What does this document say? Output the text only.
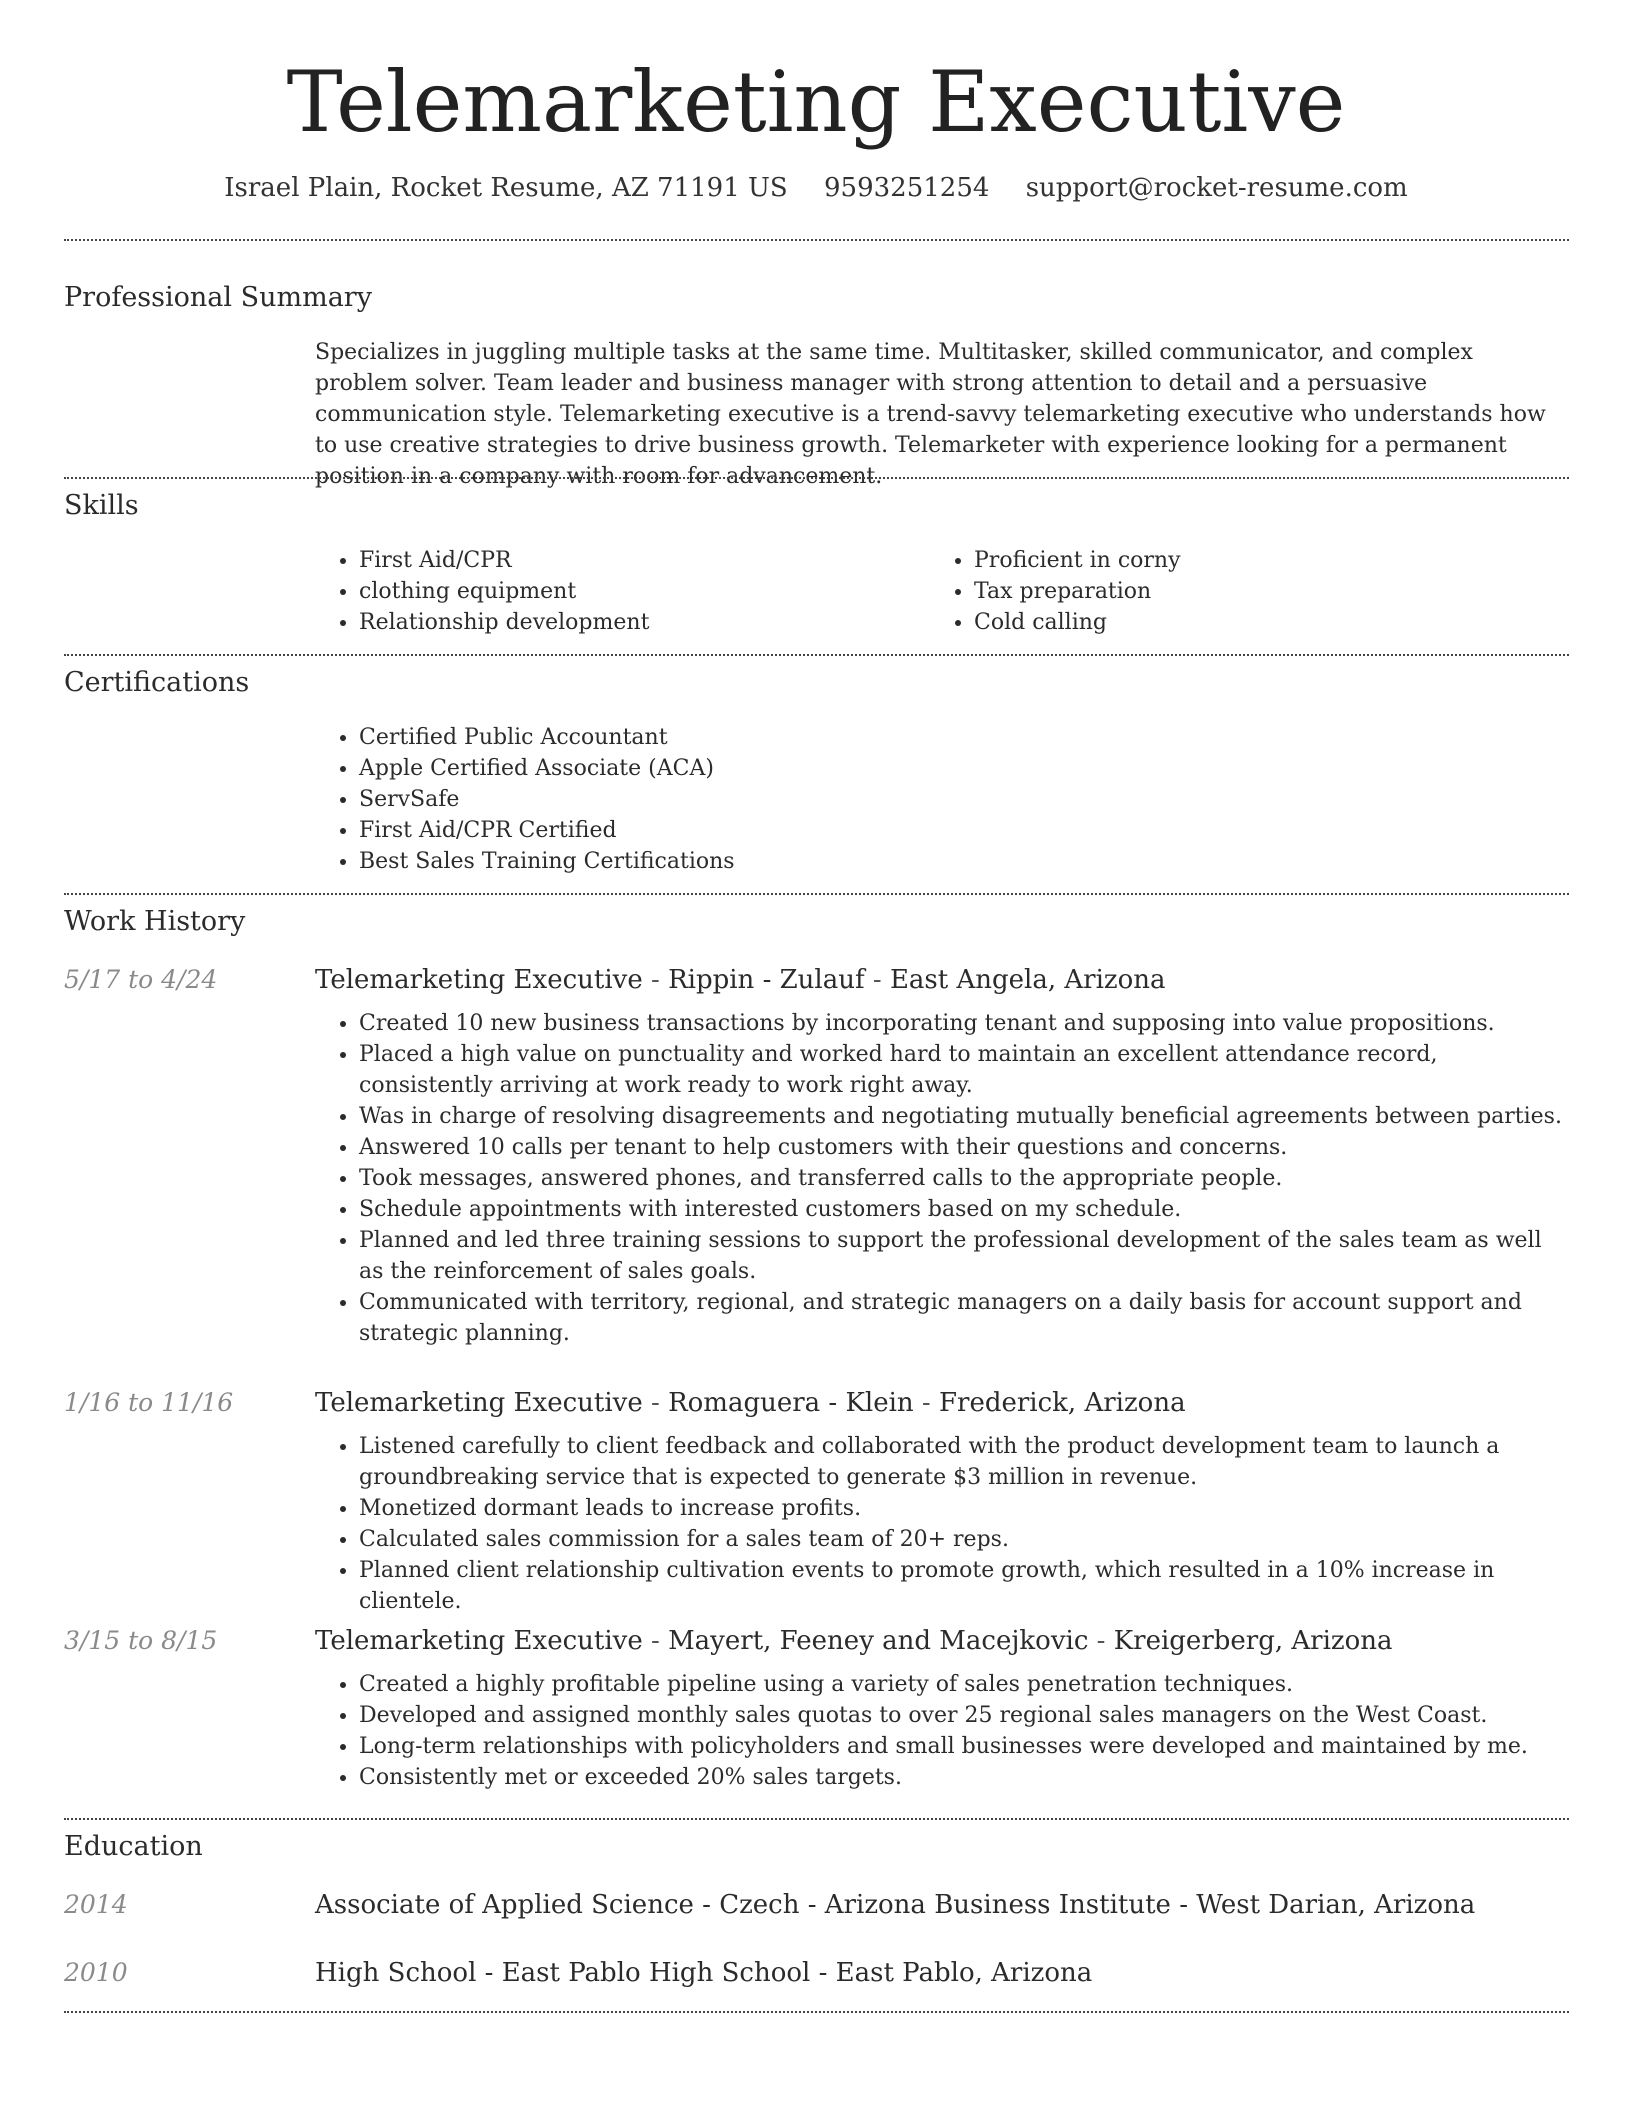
Telemarketing Executive
Israel Plain, Rocket Resume, AZ 71191 US 9593251254 support@rocket-resume.com
Professional Summary

Specializes in juggling multiple tasks at the same time. Multitasker, skilled communicator, and complex problem solver. Team leader and business manager with strong attention to detail and a persuasive communication style. Telemarketing executive is a trend-savvy telemarketing executive who understands how to use creative strategies to drive business growth. Telemarketer with experience looking for a permanent position in a company with room for advancement.

Skills
• First Aid/CPR
• clothing equipment
• Relationship development
• Proficient in corny
• Tax preparation
• Cold calling
Certifications
• Certified Public Accountant
• Apple Certified Associate (ACA)
• ServSafe
• First Aid/CPR Certified
• Best Sales Training Certifications
Work History
5/17 to 4/24	Telemarketing Executive - Rippin - Zulauf - East Angela, Arizona
• Created 10 new business transactions by incorporating tenant and supposing into value propositions.
• Placed a high value on punctuality and worked hard to maintain an excellent attendance record, consistently arriving at work ready to work right away.
• Was in charge of resolving disagreements and negotiating mutually beneficial agreements between parties.
• Answered 10 calls per tenant to help customers with their questions and concerns.
• Took messages, answered phones, and transferred calls to the appropriate people.
• Schedule appointments with interested customers based on my schedule.
• Planned and led three training sessions to support the professional development of the sales team as well as the reinforcement of sales goals.
• Communicated with territory, regional, and strategic managers on a daily basis for account support and strategic planning.
1/16 to 11/16	Telemarketing Executive - Romaguera - Klein - Frederick, Arizona
• Listened carefully to client feedback and collaborated with the product development team to launch a groundbreaking service that is expected to generate $3 million in revenue.
• Monetized dormant leads to increase profits.
• Calculated sales commission for a sales team of 20+ reps.
• Planned client relationship cultivation events to promote growth, which resulted in a 10% increase in clientele.
3/15 to 8/15	Telemarketing Executive - Mayert, Feeney and Macejkovic - Kreigerberg, Arizona
• Created a highly profitable pipeline using a variety of sales penetration techniques.
• Developed and assigned monthly sales quotas to over 25 regional sales managers on the West Coast.
• Long-term relationships with policyholders and small businesses were developed and maintained by me.
• Consistently met or exceeded 20% sales targets.
Education
2014	Associate of Applied Science - Czech - Arizona Business Institute - West Darian, Arizona
2010	High School - East Pablo High School - East Pablo, Arizona
